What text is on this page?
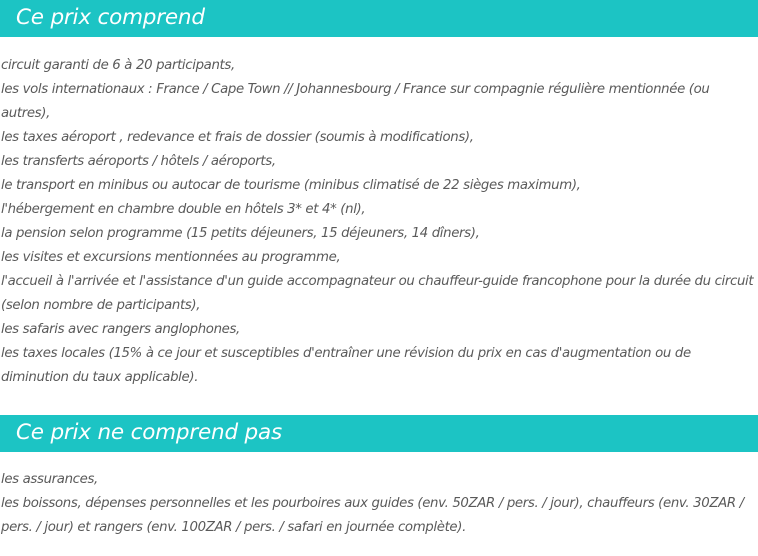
Ce prix comprend
circuit garanti de 6 à 20 participants,
les vols internationaux : France / Cape Town // Johannesbourg / France sur compagnie régulière mentionnée (ou autres),
les taxes aéroport , redevance et frais de dossier (soumis à modifications),
les transferts aéroports / hôtels / aéroports,
le transport en minibus ou autocar de tourisme (minibus climatisé de 22 sièges maximum),
l'hébergement en chambre double en hôtels 3* et 4* (nl),
la pension selon programme (15 petits déjeuners, 15 déjeuners, 14 dîners),
les visites et excursions mentionnées au programme,
l'accueil à l'arrivée et l'assistance d'un guide accompagnateur ou chauffeur-guide francophone pour la durée du circuit (selon nombre de participants),
les safaris avec rangers anglophones,
les taxes locales (15% à ce jour et susceptibles d'entraîner une révision du prix en cas d'augmentation ou de diminution du taux applicable).
Ce prix ne comprend pas
les assurances,
les boissons, dépenses personnelles et les pourboires aux guides (env. 50ZAR / pers. / jour), chauffeurs (env. 30ZAR / pers. / jour) et rangers (env. 100ZAR / pers. / safari en journée complète).
